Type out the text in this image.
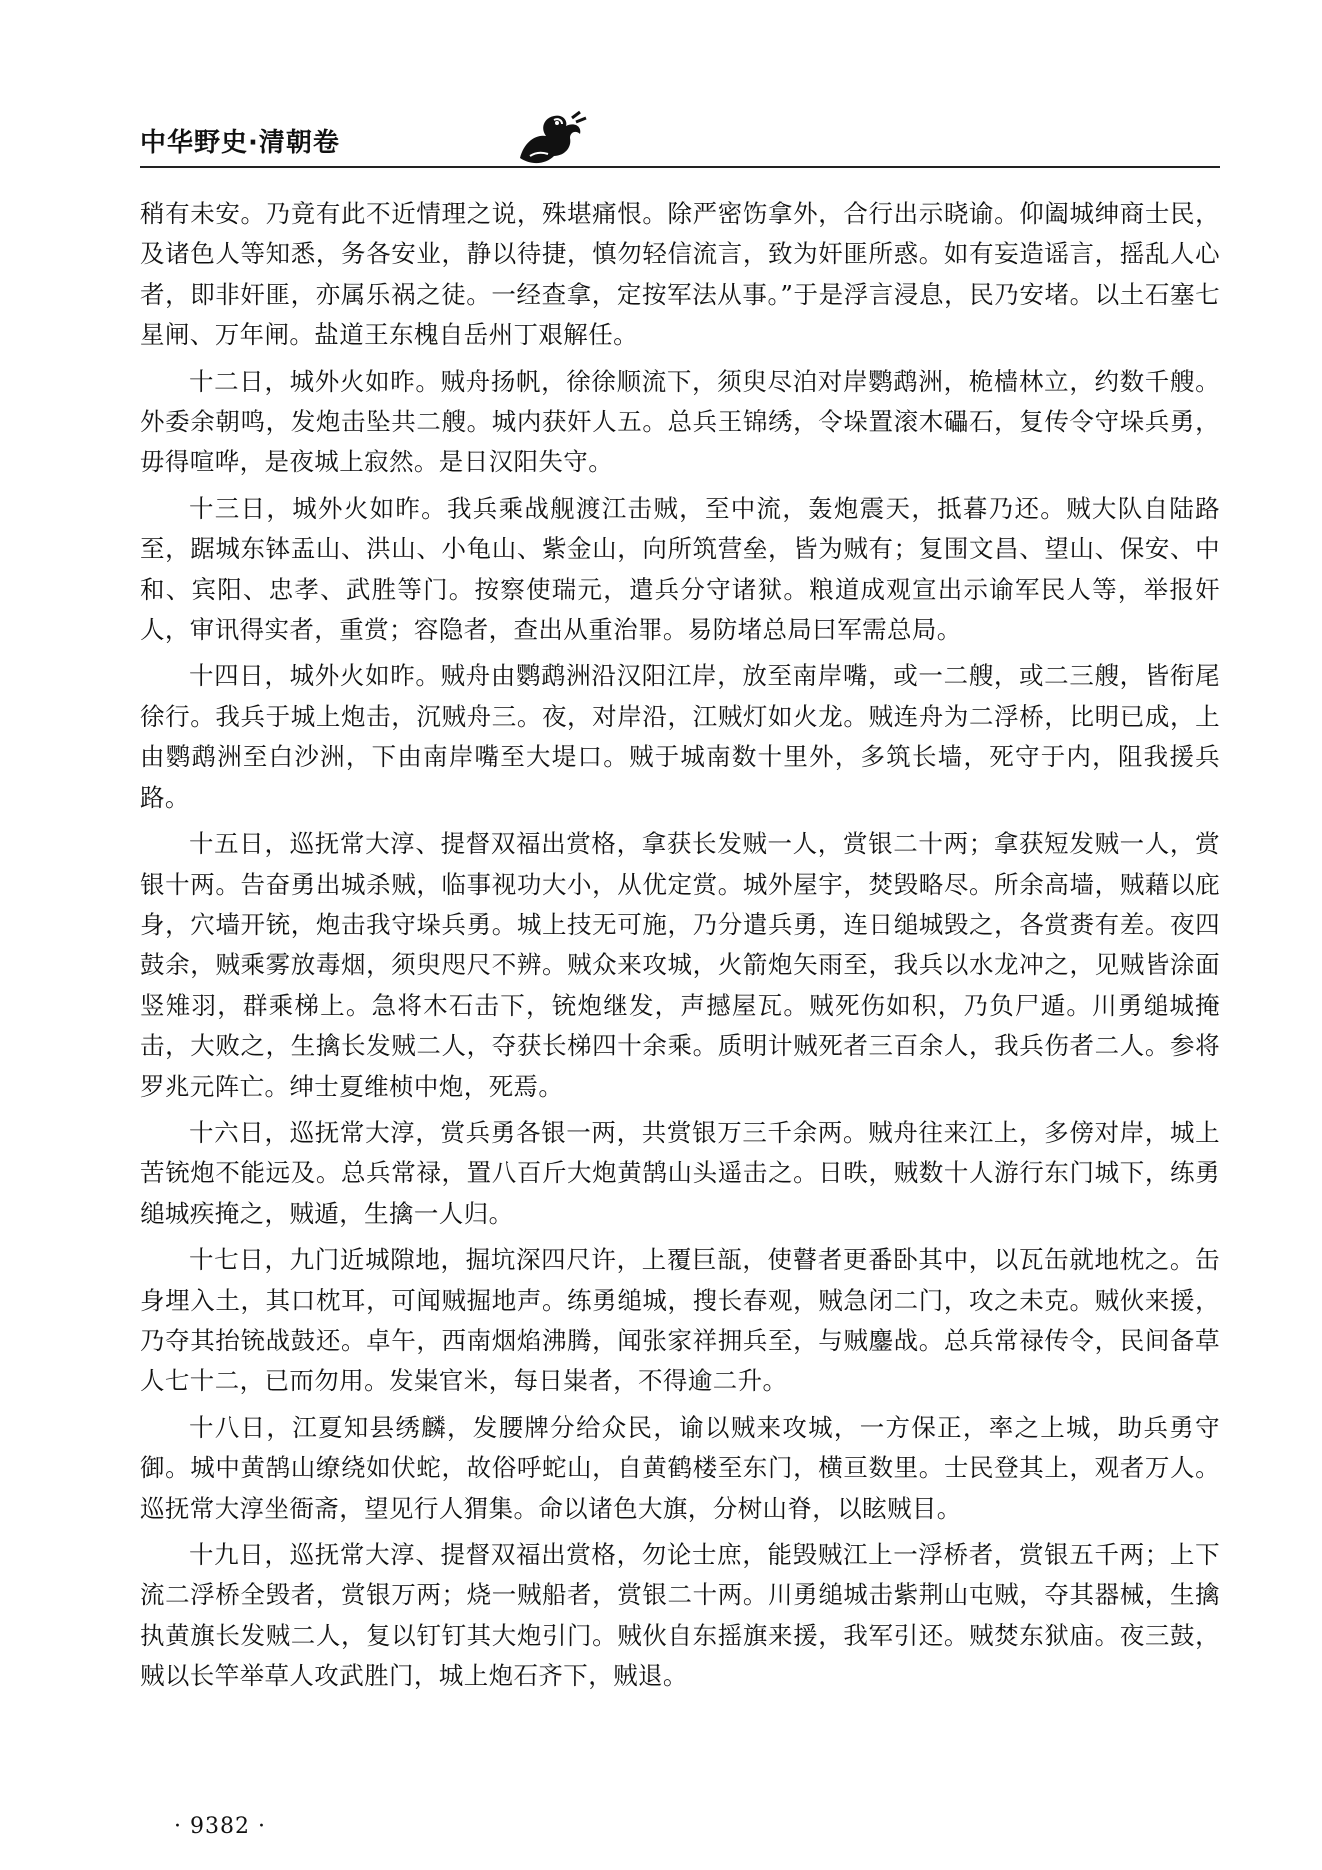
中华野史·清朝卷

稍有未安。乃竟有此不近情理之说，殊堪痛恨。除严密饬拿外，合行出示晓谕。仰阖城绅商士民，及诸色人等知悉，务各安业，静以待捷，慎勿轻信流言，致为奸匪所惑。如有妄造谣言，摇乱人心者，即非奸匪，亦属乐祸之徒。一经查拿，定按军法从事。”于是浮言浸息，民乃安堵。以土石塞七星闸、万年闸。盐道王东槐自岳州丁艰解任。

十二日，城外火如昨。贼舟扬帆，徐徐顺流下，须臾尽泊对岸鹦鹉洲，桅樯林立，约数千艘。外委余朝鸣，发炮击坠共二艘。城内获奸人五。总兵王锦绣，令垛置滚木礧石，复传令守垛兵勇，毋得喧哗，是夜城上寂然。是日汉阳失守。

十三日，城外火如昨。我兵乘战舰渡江击贼，至中流，轰炮震天，抵暮乃还。贼大队自陆路至，踞城东钵盂山、洪山、小龟山、紫金山，向所筑营垒，皆为贼有；复围文昌、望山、保安、中和、宾阳、忠孝、武胜等门。按察使瑞元，遣兵分守诸狱。粮道成观宣出示谕军民人等，举报奸人，审讯得实者，重赏；容隐者，查出从重治罪。易防堵总局曰军需总局。

十四日，城外火如昨。贼舟由鹦鹉洲沿汉阳江岸，放至南岸嘴，或一二艘，或二三艘，皆衔尾徐行。我兵于城上炮击，沉贼舟三。夜，对岸沿，江贼灯如火龙。贼连舟为二浮桥，比明已成，上由鹦鹉洲至白沙洲，下由南岸嘴至大堤口。贼于城南数十里外，多筑长墙，死守于内，阻我援兵路。

十五日，巡抚常大淳、提督双福出赏格，拿获长发贼一人，赏银二十两；拿获短发贼一人，赏银十两。告奋勇出城杀贼，临事视功大小，从优定赏。城外屋宇，焚毁略尽。所余高墙，贼藉以庇身，穴墙开铳，炮击我守垛兵勇。城上技无可施，乃分遣兵勇，连日缒城毁之，各赏赉有差。夜四鼓余，贼乘雾放毒烟，须臾咫尺不辨。贼众来攻城，火箭炮矢雨至，我兵以水龙冲之，见贼皆涂面竖雉羽，群乘梯上。急将木石击下，铳炮继发，声撼屋瓦。贼死伤如积，乃负尸遁。川勇缒城掩击，大败之，生擒长发贼二人，夺获长梯四十余乘。质明计贼死者三百余人，我兵伤者二人。参将罗兆元阵亡。绅士夏维桢中炮，死焉。

十六日，巡抚常大淳，赏兵勇各银一两，共赏银万三千余两。贼舟往来江上，多傍对岸，城上苦铳炮不能远及。总兵常禄，置八百斤大炮黄鹄山头遥击之。日昳，贼数十人游行东门城下，练勇缒城疾掩之，贼遁，生擒一人归。

十七日，九门近城隙地，掘坑深四尺许，上覆巨瓿，使瞽者更番卧其中，以瓦缶就地枕之。缶身埋入土，其口枕耳，可闻贼掘地声。练勇缒城，搜长春观，贼急闭二门，攻之未克。贼伙来援，乃夺其抬铳战鼓还。卓午，西南烟焰沸腾，闻张家祥拥兵至，与贼鏖战。总兵常禄传令，民间备草人七十二，已而勿用。发粜官米，每日粜者，不得逾二升。

十八日，江夏知县绣麟，发腰牌分给众民，谕以贼来攻城，一方保正，率之上城，助兵勇守御。城中黄鹄山缭绕如伏蛇，故俗呼蛇山，自黄鹤楼至东门，横亘数里。士民登其上，观者万人。巡抚常大淳坐衙斋，望见行人猬集。命以诸色大旗，分树山脊，以眩贼目。

十九日，巡抚常大淳、提督双福出赏格，勿论士庶，能毁贼江上一浮桥者，赏银五千两；上下流二浮桥全毁者，赏银万两；烧一贼船者，赏银二十两。川勇缒城击紫荆山屯贼，夺其器械，生擒执黄旗长发贼二人，复以钉钉其大炮引门。贼伙自东摇旗来援，我军引还。贼焚东狱庙。夜三鼓，贼以长竿举草人攻武胜门，城上炮石齐下，贼退。

· 9382 ·
